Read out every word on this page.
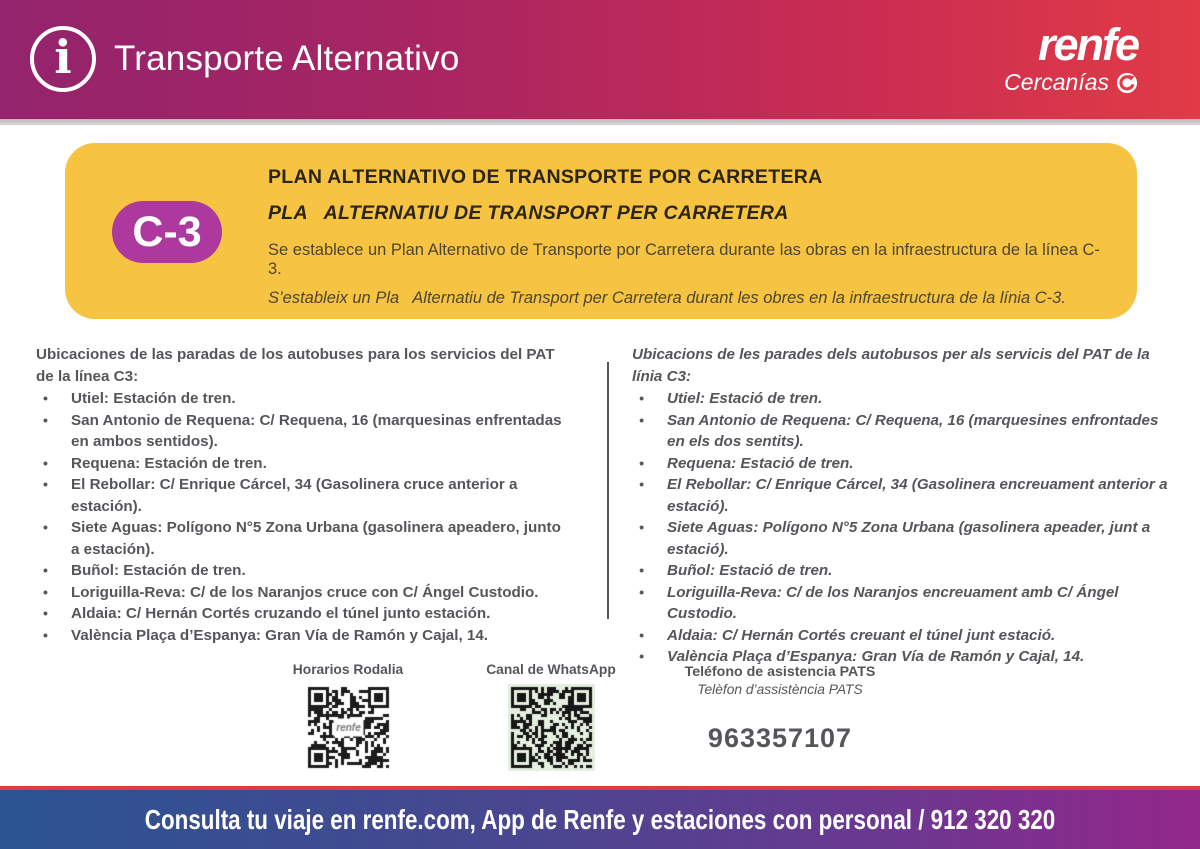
i	Transporte Alternativo	renfe
Cercanías
C-3
PLAN ALTERNATIVO DE TRANSPORTE POR CARRETERA
PLA   ALTERNATIU DE TRANSPORT PER CARRETERA
Se establece un Plan Alternativo de Transporte por Carretera durante las obras en la infraestructura de la línea C-3.
S’estableix un Pla   Alternatiu de Transport per Carretera durant les obres en la infraestructura de la línia C-3.
Ubicaciones de las paradas de los autobuses para los servicios del PAT de la línea C3:
• Utiel: Estación de tren.
• San Antonio de Requena: C/ Requena, 16 (marquesinas enfrentadas en ambos sentidos).
• Requena: Estación de tren.
• El Rebollar: C/ Enrique Cárcel, 34 (Gasolinera cruce anterior a estación).
• Siete Aguas: Polígono N°5 Zona Urbana (gasolinera apeadero, junto a estación).
• Buñol: Estación de tren.
• Loriguilla-Reva: C/ de los Naranjos cruce con C/ Ángel Custodio.
• Aldaia: C/ Hernán Cortés cruzando el túnel junto estación.
• València Plaça d’Espanya: Gran Vía de Ramón y Cajal, 14.
Ubicacions de les parades dels autobusos per als servicis del PAT de la línia C3:
• Utiel: Estació de tren.
• San Antonio de Requena: C/ Requena, 16 (marquesines enfrontades en els dos sentits).
• Requena: Estació de tren.
• El Rebollar: C/ Enrique Cárcel, 34 (Gasolinera encreuament anterior a estació).
• Siete Aguas: Polígono N°5 Zona Urbana (gasolinera apeader, junt a estació).
• Buñol: Estació de tren.
• Loriguilla-Reva: C/ de los Naranjos encreuament amb C/ Ángel Custodio.
• Aldaia: C/ Hernán Cortés creuant el túnel junt estació.
• València Plaça d’Espanya: Gran Vía de Ramón y Cajal, 14.
Horarios Rodalia	Canal de WhatsApp	Teléfono de asistencia PATS
Telèfon d’assistència PATS
963357107
Consulta tu viaje en renfe.com, App de Renfe y estaciones con personal / 912 320 320
